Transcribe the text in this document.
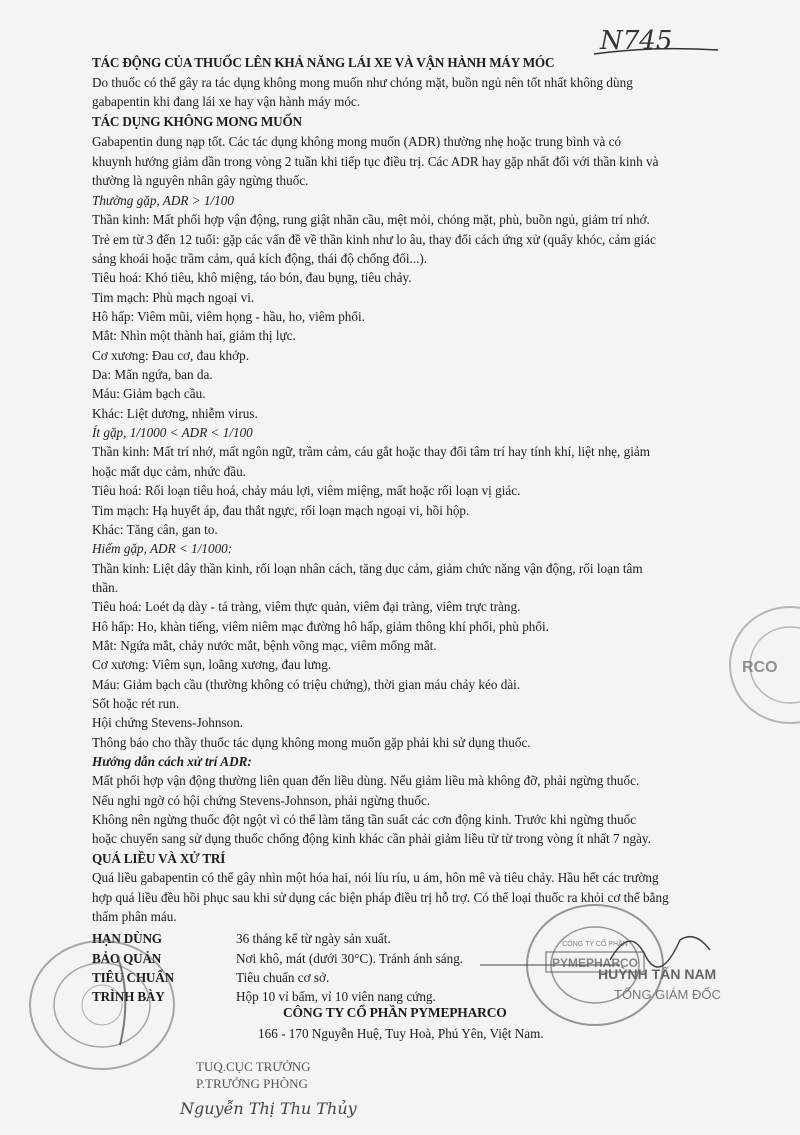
N745
TÁC ĐỘNG CỦA THUỐC LÊN KHẢ NĂNG LÁI XE VÀ VẬN HÀNH MÁY MÓC
Do thuốc có thể gây ra tác dụng không mong muốn như chóng mặt, buồn ngủ nên tốt nhất không dùng
gabapentin khi đang lái xe hay vận hành máy móc.
TÁC DỤNG KHÔNG MONG MUỐN
Gabapentin dung nạp tốt. Các tác dụng không mong muốn (ADR) thường nhẹ hoặc trung bình và có
khuynh hướng giảm dần trong vòng 2 tuần khi tiếp tục điều trị. Các ADR hay gặp nhất đối với thần kinh và
thường là nguyên nhân gây ngừng thuốc.
Thường gặp, ADR > 1/100
Thần kinh: Mất phối hợp vận động, rung giật nhãn cầu, mệt mỏi, chóng mặt, phù, buồn ngủ, giảm trí nhớ.
Trẻ em từ 3 đến 12 tuổi: gặp các vấn đề về thần kinh như lo âu, thay đổi cách ứng xử (quấy khóc, cảm giác
sảng khoái hoặc trầm cảm, quá kích động, thái độ chống đối...).
Tiêu hoá: Khó tiêu, khô miệng, táo bón, đau bụng, tiêu chảy.
Tim mạch: Phù mạch ngoại vi.
Hô hấp: Viêm mũi, viêm họng - hầu, ho, viêm phổi.
Mắt: Nhìn một thành hai, giảm thị lực.
Cơ xương: Đau cơ, đau khớp.
Da: Mẩn ngứa, ban da.
Máu: Giảm bạch cầu.
Khác: Liệt dương, nhiễm virus.
Ít gặp, 1/1000 < ADR < 1/100
Thần kinh: Mất trí nhớ, mất ngôn ngữ, trầm cảm, cáu gắt hoặc thay đổi tâm trí hay tính khí, liệt nhẹ, giảm
hoặc mất dục cảm, nhức đầu.
Tiêu hoá: Rối loạn tiêu hoá, chảy máu lợi, viêm miệng, mất hoặc rối loạn vị giác.
Tim mạch: Hạ huyết áp, đau thắt ngực, rối loạn mạch ngoại vi, hồi hộp.
Khác: Tăng cân, gan to.
Hiếm gặp, ADR < 1/1000:
Thần kinh: Liệt dây thần kinh, rối loạn nhân cách, tăng dục cảm, giảm chức năng vận động, rối loạn tâm
thần.
Tiêu hoá: Loét dạ dày - tá tràng, viêm thực quản, viêm đại tràng, viêm trực tràng.
Hô hấp: Ho, khàn tiếng, viêm niêm mạc đường hô hấp, giảm thông khí phổi, phù phổi.
Mắt: Ngứa mắt, chảy nước mắt, bệnh võng mạc, viêm mống mắt.
Cơ xương: Viêm sụn, loãng xương, đau lưng.
Máu: Giảm bạch cầu (thường không có triệu chứng), thời gian máu chảy kéo dài.
Sốt hoặc rét run.
Hội chứng Stevens-Johnson.
Thông báo cho thầy thuốc tác dụng không mong muốn gặp phải khi sử dụng thuốc.
Hướng dẫn cách xử trí ADR:
Mất phối hợp vận động thường liên quan đến liều dùng. Nếu giảm liều mà không đỡ, phải ngừng thuốc.
Nếu nghi ngờ có hội chứng Stevens-Johnson, phải ngừng thuốc.
Không nên ngừng thuốc đột ngột vì có thể làm tăng tần suất các cơn động kinh. Trước khi ngừng thuốc
hoặc chuyển sang sử dụng thuốc chống động kinh khác cần phải giảm liều từ từ trong vòng ít nhất 7 ngày.
QUÁ LIỀU VÀ XỬ TRÍ
Quá liều gabapentin có thể gây nhìn một hóa hai, nói líu ríu, u ám, hôn mê và tiêu chảy. Hầu hết các trường
hợp quá liều đều hồi phục sau khi sử dụng các biện pháp điều trị hỗ trợ. Có thể loại thuốc ra khỏi cơ thể bằng
thẩm phân máu.
HẠN DÙNG	36 tháng kể từ ngày sản xuất.
BẢO QUẢN	Nơi khô, mát (dưới 30°C). Tránh ánh sáng.
TIÊU CHUẨN	Tiêu chuẩn cơ sở.
TRÌNH BÀY	Hộp 10 vỉ bấm, vỉ 10 viên nang cứng.
PYMEPHARCO
CÔNG TY CỔ PHẦN
HUỲNH TẤN NAM
TỔNG GIÁM ĐỐC
CÔNG TY CỔ PHẦN PYMEPHARCO
166 - 170 Nguyễn Huệ, Tuy Hoà, Phú Yên, Việt Nam.
TUQ.CỤC TRƯỞNG
P.TRƯỞNG PHÒNG
Nguyễn Thị Thu Thủy
RCO
